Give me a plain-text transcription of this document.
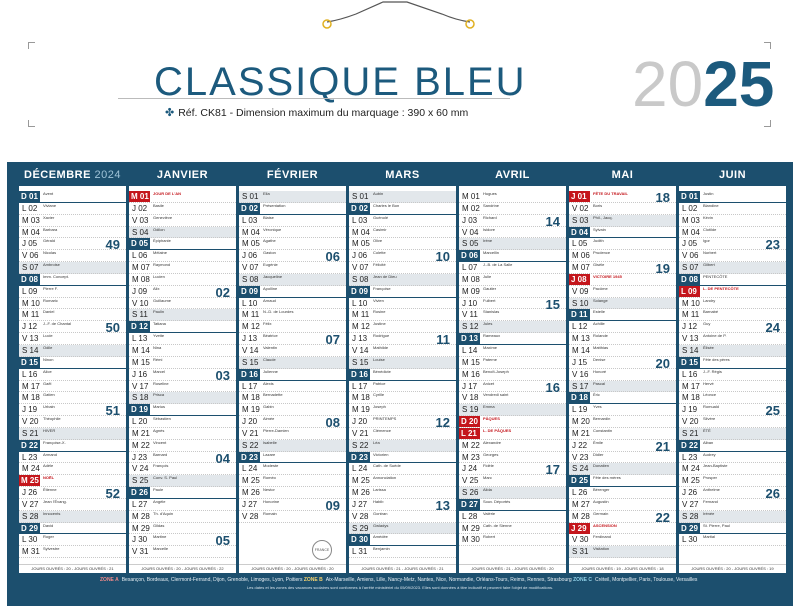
CLASSIQUE BLEU
✤ Réf. CK81 - Dimension maximum du marquage : 390 x 60 mm	2025
DÉCEMBRE 2024
D 01	Avent
L 02	Viviane
M 03 Xavier
M 04 Barbara
J 05	Gérald	49
V 06	Nicolas
S 07	Ambroise
D 08	Imm. Concept.
L 09	Pierre F.
M 10 Romaric
M 11 Daniel
J 12	J.-F. de Chantal	50
V 13	Lucie
S 14	Odile
D 15	Ninon
L 16	Alice
M 17 Gaël
M 18 Gatien
J 19	Urbain	51
V 20	Théophile
S 21	HIVER
D 22	Françoise-X.
L 23	Armand
M 24 Adèle
M 25	NOËL
J 26	Étienne	52
V 27	Jean l'Évang.
S 28	Innocents
D 29	David
L 30	Roger
M 31 Sylvestre
JOURS OUVRÉS : 20 - JOURS OUVRÉS : 21
JANVIER
M 01	JOUR DE L'AN
J 02	Basile
V 03	Geneviève
S 04	Odilon
D 05	Épiphanie
L 06	Mélaine
M 07 Raymond
M 08 Lucien
J 09	Alix	02
V 10	Guillaume
S 11	Paulin
D 12	Tatiana
L 13	Yvette
M 14 Nina
M 15 Rémi
J 16	Marcel	03
V 17	Roseline
S 18	Prisca
D 19	Marius
L 20	Sébastien
M 21 Agnès
M 22 Vincent
J 23	Barnard	04
V 24	François
S 25	Conv. S. Paul
D 26	Paule
L 27	Angèle
M 28 Th. d'Aquin
M 29 Gildas
J 30	Martine	05
V 31	Marcelle
JOURS OUVRÉS : 20 - JOURS OUVRÉS : 22
FÉVRIER
S 01	Ella
D 02	Présentation
L 03	Blaise
M 04 Véronique
M 05 Agathe
J 06	Gaston	06
V 07	Eugénie
S 08	Jacqueline
D 09	Apolline
L 10	Arnaud
M 11 N.-D. de Lourdes
M 12 Félix
J 13	Béatrice	07
V 14	Valentin
S 15	Claude
D 16	Julienne
L 17	Alexis
M 18 Bernadette
M 19 Gabin
J 20	Aimée	08
V 21	Pierre-Damien
S 22	Isabelle
D 23	Lazare
L 24	Modeste
M 25 Roméo
M 26 Nestor
J 27	Honorine	09
V 28	Romain
JOURS OUVRÉS : 20 - JOURS OUVRÉS : 20
MARS
S 01	Aubin
D 02	Charles le Bon
L 03	Guénolé
M 04 Casimir
M 05 Olive
J 06	Colette	10
V 07	Félicité
S 08	Jean de Dieu
D 09	Françoise
L 10	Vivien
M 11 Rosine
M 12 Justine
J 13	Rodrigue	11
V 14	Mathilde
S 15	Louise
D 16	Bénédicte
L 17	Patrice
M 18 Cyrille
M 19 Joseph
J 20	PRINTEMPS	12
V 21	Clémence
S 22	Léa
D 23	Victorien
L 24	Cath. de Suède
M 25 Annonciation
M 26 Larissa
J 27	Habib	13
V 28	Gontran
S 29	Gwladys
D 30	Amédée
L 31	Benjamin
JOURS OUVRÉS : 21 - JOURS OUVRÉS : 21
AVRIL
M 01 Hugues
M 02 Sandrine
J 03	Richard	14
V 04	Isidore
S 05	Irène
D 06	Marcellin
L 07	J.-B. de La Salle
M 08 Julie
M 09 Gautier
J 10	Fulbert	15
V 11	Stanislas
S 12	Jules
D 13	Rameaux
L 14	Maxime
M 15 Paterne
M 16 Benoît-Joseph
J 17	Anicet	16
V 18	Vendredi saint
S 19	Emma
D 20	PÂQUES
L 21	L. DE PÂQUES
M 22 Alexandre
M 23 Georges
J 24	Fidèle	17
V 25	Marc
S 26	Alida
D 27	Souv. Déportés
L 28	Valérie
M 29 Cath. de Sienne
M 30 Robert
JOURS OUVRÉS : 21 - JOURS OUVRÉS : 20
MAI
J 01	FÊTE DU TRAVAIL	18
V 02	Boris
S 03	Phil., Jacq.
D 04	Sylvain
L 05	Judith
M 06 Prudence
M 07 Gisèle	19
J 08	VICTOIRE 1945
V 09	Pacôme
S 10	Solange
D 11	Estelle
L 12	Achille
M 13 Rolande
M 14 Matthias
J 15	Denise	20
V 16	Honoré
S 17	Pascal
D 18	Éric
L 19	Yves
M 20 Bernardin
M 21 Constantin
J 22	Émile	21
V 23	Didier
S 24	Donatien
D 25	Fête des mères
L 26	Bérenger
M 27 Augustin
M 28 Germain	22
J 29	ASCENSION
V 30	Ferdinand
S 31	Visitation
JOURS OUVRÉS : 19 - JOURS OUVRÉS : 18
JUIN
D 01	Justin
L 02	Blandine
M 03 Kévin
M 04 Clotilde
J 05	Igor	23
V 06	Norbert
S 07	Gilbert
D 08	PENTECÔTE
L 09	L. DE PENTECÔTE
M 10 Landry
M 11 Barnabé
J 12	Guy	24
V 13	Antoine de P.
S 14	Élisée
D 15	Fête des pères
L 16	J.-F. Régis
M 17 Hervé
M 18 Léonce
J 19	Romuald	25
V 20	Silvère
S 21	ÉTÉ
D 22	Alban
L 23	Audrey
M 24 Jean-Baptiste
M 25 Prosper
J 26	Anthelme	26
V 27	Fernand
S 28	Irénée
D 29	St. Pierre, Paul
L 30	Martial
JOURS OUVRÉS : 20 - JOURS OUVRÉS : 19
FRANCE
ZONE A Besançon, Bordeaux, Clermont-Ferrand, Dijon, Grenoble, Limoges, Lyon, Poitiers ZONE B Aix-Marseille, Amiens, Lille, Nancy-Metz, Nantes, Nice, Normandie, Orléans-Tours, Reims, Rennes, Strasbourg ZONE C Créteil, Montpellier, Paris, Toulouse, Versailles
Les dates et les zones des vacances scolaires sont conformes à l'arrêté ministériel du 05/09/2023. Elles sont données à titre indicatif et peuvent faire l'objet de modifications.
